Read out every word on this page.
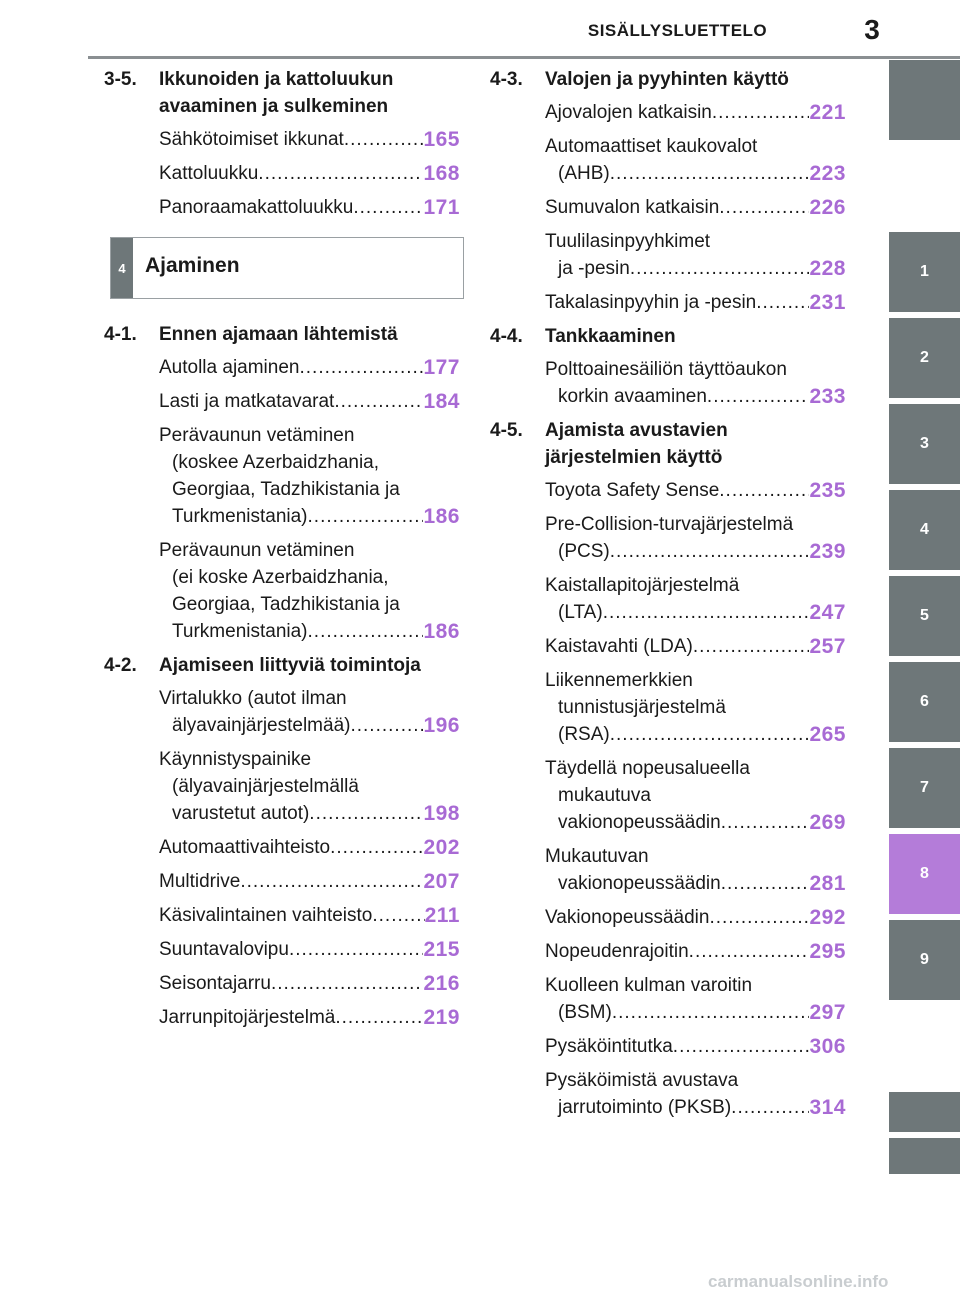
SISÄLLYSLUETTELO	3
1
2
3
4
5
6
7
8
9
3-5. Ikkunoiden ja kattoluukun
avaaminen ja sulkeminen
Sähkötoimiset ikkunat .....	165
Kattoluukku .....	168
Panoraamakattoluukku .....	171
4 Ajaminen
4-1. Ennen ajamaan lähtemistä
Autolla ajaminen .....	177
Lasti ja matkatavarat .....	184
Perävaunun vetäminen
(koskee Azerbaidzhania,
Georgiaa, Tadzhikistania ja
Turkmenistania) .....	186
Perävaunun vetäminen
(ei koske Azerbaidzhania,
Georgiaa, Tadzhikistania ja
Turkmenistania) .....	186
4-2. Ajamiseen liittyviä toimintoja
Virtalukko (autot ilman
älyavainjärjestelmää) .....	196
Käynnistyspainike
(älyavainjärjestelmällä
varustetut autot) .....	198
Automaattivaihteisto .....	202
Multidrive .....	207
Käsivalintainen vaihteisto ..... 211
Suuntavalovipu .....	215
Seisontajarru .....	216
Jarrunpitojärjestelmä .....	219
4-3. Valojen ja pyyhinten käyttö
Ajovalojen katkaisin .....	221
Automaattiset kaukovalot
(AHB) .....	223
Sumuvalon katkaisin .....	226
Tuulilasinpyyhkimet
ja -pesin .....	228
Takalasinpyyhin ja -pesin .....	231
4-4. Tankkaaminen
Polttoainesäiliön täyttöaukon
korkin avaaminen .....	233
4-5. Ajamista avustavien
järjestelmien käyttö
Toyota Safety Sense .....	235
Pre-Collision-turvajärjestelmä
(PCS) .....	239
Kaistallapitojärjestelmä
(LTA) .....	247
Kaistavahti (LDA) .....	257
Liikennemerkkien
tunnistusjärjestelmä
(RSA) .....	265
Täydellä nopeusalueella
mukautuva
vakionopeussäädin .....	269
Mukautuvan
vakionopeussäädin .....	281
Vakionopeussäädin .....	292
Nopeudenrajoitin .....	295
Kuolleen kulman varoitin
(BSM) .....	297
Pysäköintitutka .....	306
Pysäköimistä avustava
jarrutoiminto (PKSB) .....	314
carmanualsonline.info
